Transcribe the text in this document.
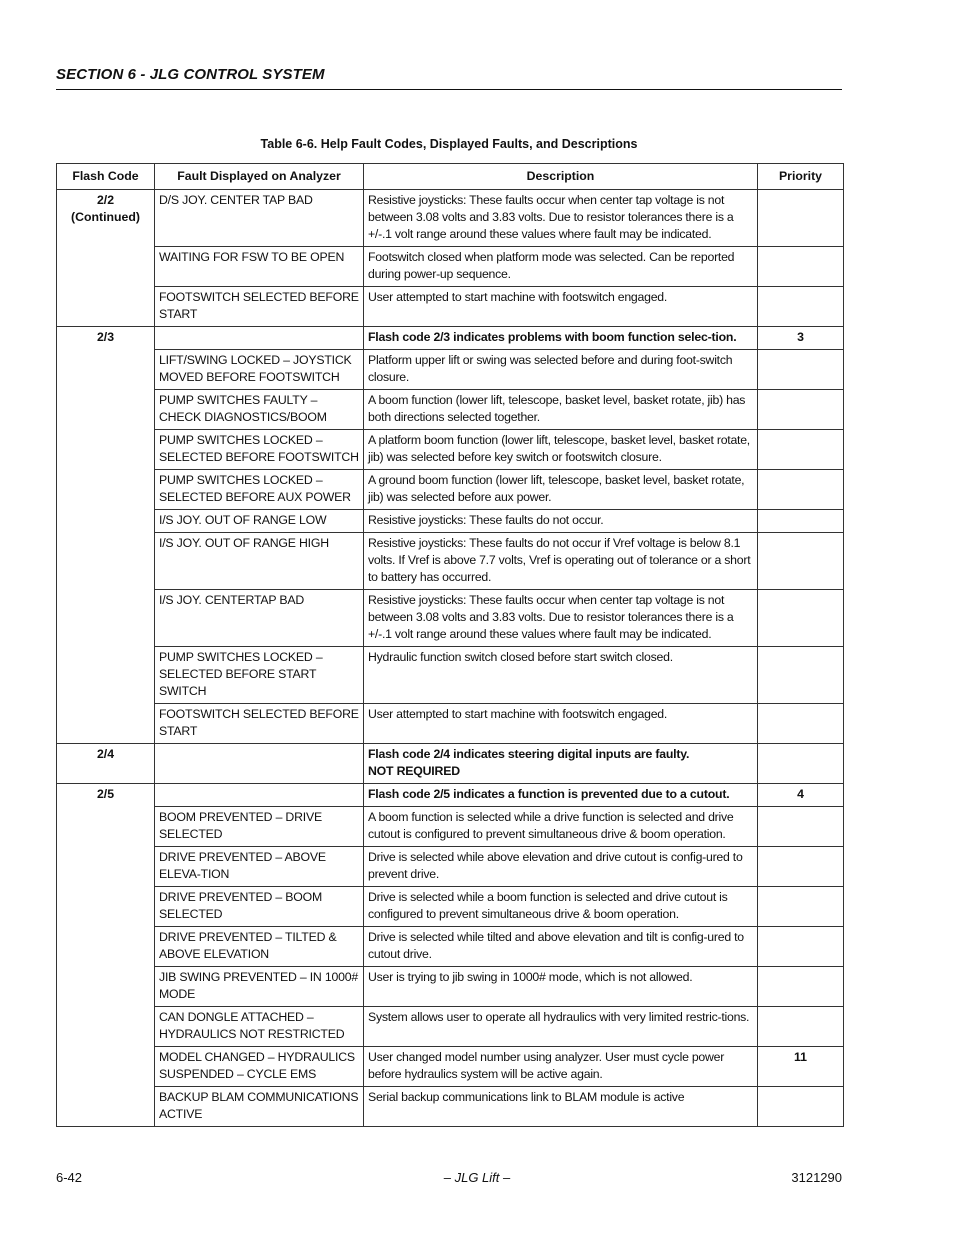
SECTION 6 - JLG CONTROL SYSTEM
Table 6-6. Help Fault Codes, Displayed Faults, and Descriptions
Flash Code	Fault Displayed on Analyzer	Description	Priority
2/2
(Continued)	D/S JOY. CENTER TAP BAD	Resistive joysticks: These faults occur when center tap voltage is not between 3.08 volts and 3.83 volts. Due to resistor tolerances there is a +/-.1 volt range around these values where fault may be indicated.	
	WAITING FOR FSW TO BE OPEN	Footswitch closed when platform mode was selected. Can be reported during power-up sequence.	
	FOOTSWITCH SELECTED BEFORE START	User attempted to start machine with footswitch engaged.	
2/3		Flash code 2/3 indicates problems with boom function selec-tion.	3
	LIFT/SWING LOCKED – JOYSTICK MOVED BEFORE FOOTSWITCH	Platform upper lift or swing was selected before and during foot-switch closure.	
	PUMP SWITCHES FAULTY – CHECK DIAGNOSTICS/BOOM	A boom function (lower lift, telescope, basket level, basket rotate, jib) has both directions selected together.	
	PUMP SWITCHES LOCKED – SELECTED BEFORE FOOTSWITCH	A platform boom function (lower lift, telescope, basket level, basket rotate, jib) was selected before key switch or footswitch closure.	
	PUMP SWITCHES LOCKED – SELECTED BEFORE AUX POWER	A ground boom function (lower lift, telescope, basket level, basket rotate, jib) was selected before aux power.	
	I/S JOY. OUT OF RANGE LOW	Resistive joysticks: These faults do not occur.	
	I/S JOY. OUT OF RANGE HIGH	Resistive joysticks: These faults do not occur if Vref voltage is below 8.1 volts. If Vref is above 7.7 volts, Vref is operating out of tolerance or a short to battery has occurred.	
	I/S JOY. CENTERTAP BAD	Resistive joysticks: These faults occur when center tap voltage is not between 3.08 volts and 3.83 volts. Due to resistor tolerances there is a +/-.1 volt range around these values where fault may be indicated.	
	PUMP SWITCHES LOCKED – SELECTED BEFORE START SWITCH	Hydraulic function switch closed before start switch closed.	
	FOOTSWITCH SELECTED BEFORE START	User attempted to start machine with footswitch engaged.	
2/4		Flash code 2/4 indicates steering digital inputs are faulty.
NOT REQUIRED	
2/5		Flash code 2/5 indicates a function is prevented due to a cutout.	4
	BOOM PREVENTED – DRIVE SELECTED	A boom function is selected while a drive function is selected and drive cutout is configured to prevent simultaneous drive & boom operation.	
	DRIVE PREVENTED – ABOVE ELEVA-TION	Drive is selected while above elevation and drive cutout is config-ured to prevent drive.	
	DRIVE PREVENTED – BOOM SELECTED	Drive is selected while a boom function is selected and drive cutout is configured to prevent simultaneous drive & boom operation.	
	DRIVE PREVENTED – TILTED & ABOVE ELEVATION	Drive is selected while tilted and above elevation and tilt is config-ured to cutout drive.	
	JIB SWING PREVENTED – IN 1000# MODE	User is trying to jib swing in 1000# mode, which is not allowed.	
	CAN DONGLE ATTACHED – HYDRAULICS NOT RESTRICTED	System allows user to operate all hydraulics with very limited restric-tions.	
	MODEL CHANGED – HYDRAULICS SUSPENDED – CYCLE EMS	User changed model number using analyzer. User must cycle power before hydraulics system will be active again.	11
	BACKUP BLAM COMMUNICATIONS ACTIVE	Serial backup communications link to BLAM module is active	
6-42	– JLG Lift –	3121290
